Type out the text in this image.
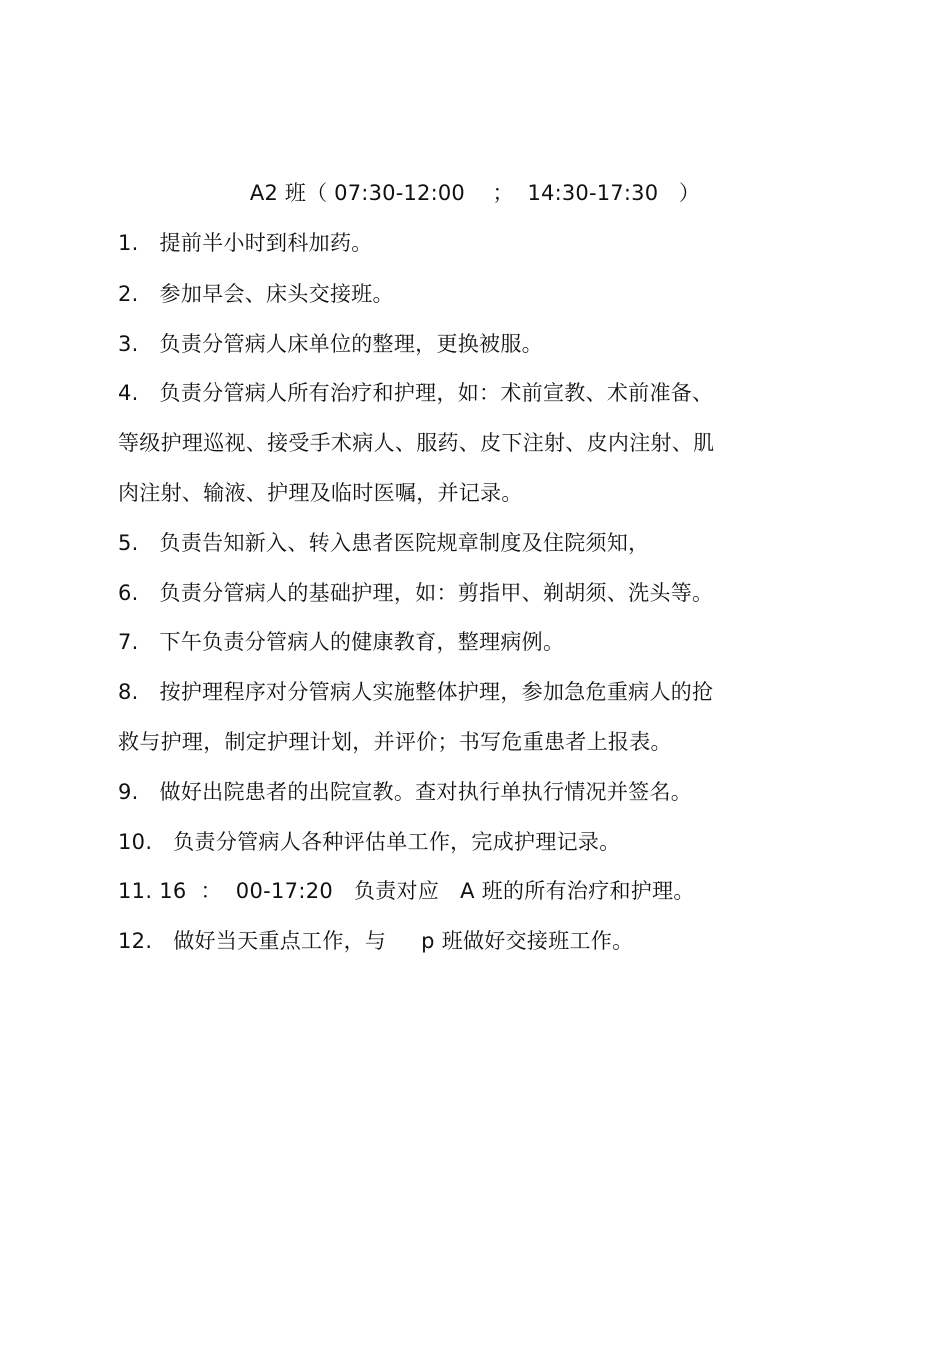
A2 班（ 07:30-12:00    ；  14:30-17:30   ）
1.   提前半小时到科加药。
2.   参加早会、床头交接班。
3.   负责分管病人床单位的整理，更换被服。
4.   负责分管病人所有治疗和护理，如：术前宣教、术前准备、
等级护理巡视、接受手术病人、服药、皮下注射、皮内注射、肌
肉注射、输液、护理及临时医嘱，并记录。
5.   负责告知新入、转入患者医院规章制度及住院须知，
6.   负责分管病人的基础护理，如：剪指甲、剃胡须、洗头等。
7.   下午负责分管病人的健康教育，整理病例。
8.   按护理程序对分管病人实施整体护理，参加急危重病人的抢
救与护理，制定护理计划，并评价；书写危重患者上报表。
9.   做好出院患者的出院宣教。查对执行单执行情况并签名。
10.   负责分管病人各种评估单工作，完成护理记录。
11. 16  ：  00-17:20   负责对应   A 班的所有治疗和护理。
12.   做好当天重点工作，与     p 班做好交接班工作。
